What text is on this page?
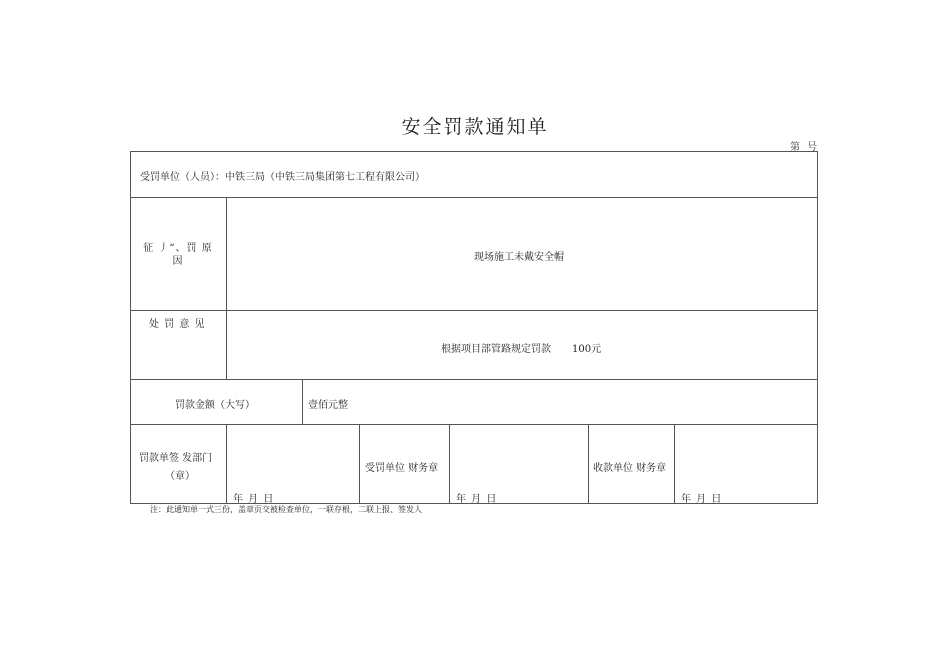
安全罚款通知单
第 号
受罚单位（人员）：中铁三局（中铁三局集团第七工程有限公司）
征 丿“、罚 原 因	现场施工未戴安全帽
处 罚 意 见
根据项目部管路规定罚款 100元
罚款金额（大写）	壹佰元整
罚款单签 发部门
（章）
年 月 日
受罚单位 财务章
年 月 日
收款单位 财务章
年 月 日
注：此通知单一式三份，盖章页交被检查单位，一联存根，二联上报、签发人
